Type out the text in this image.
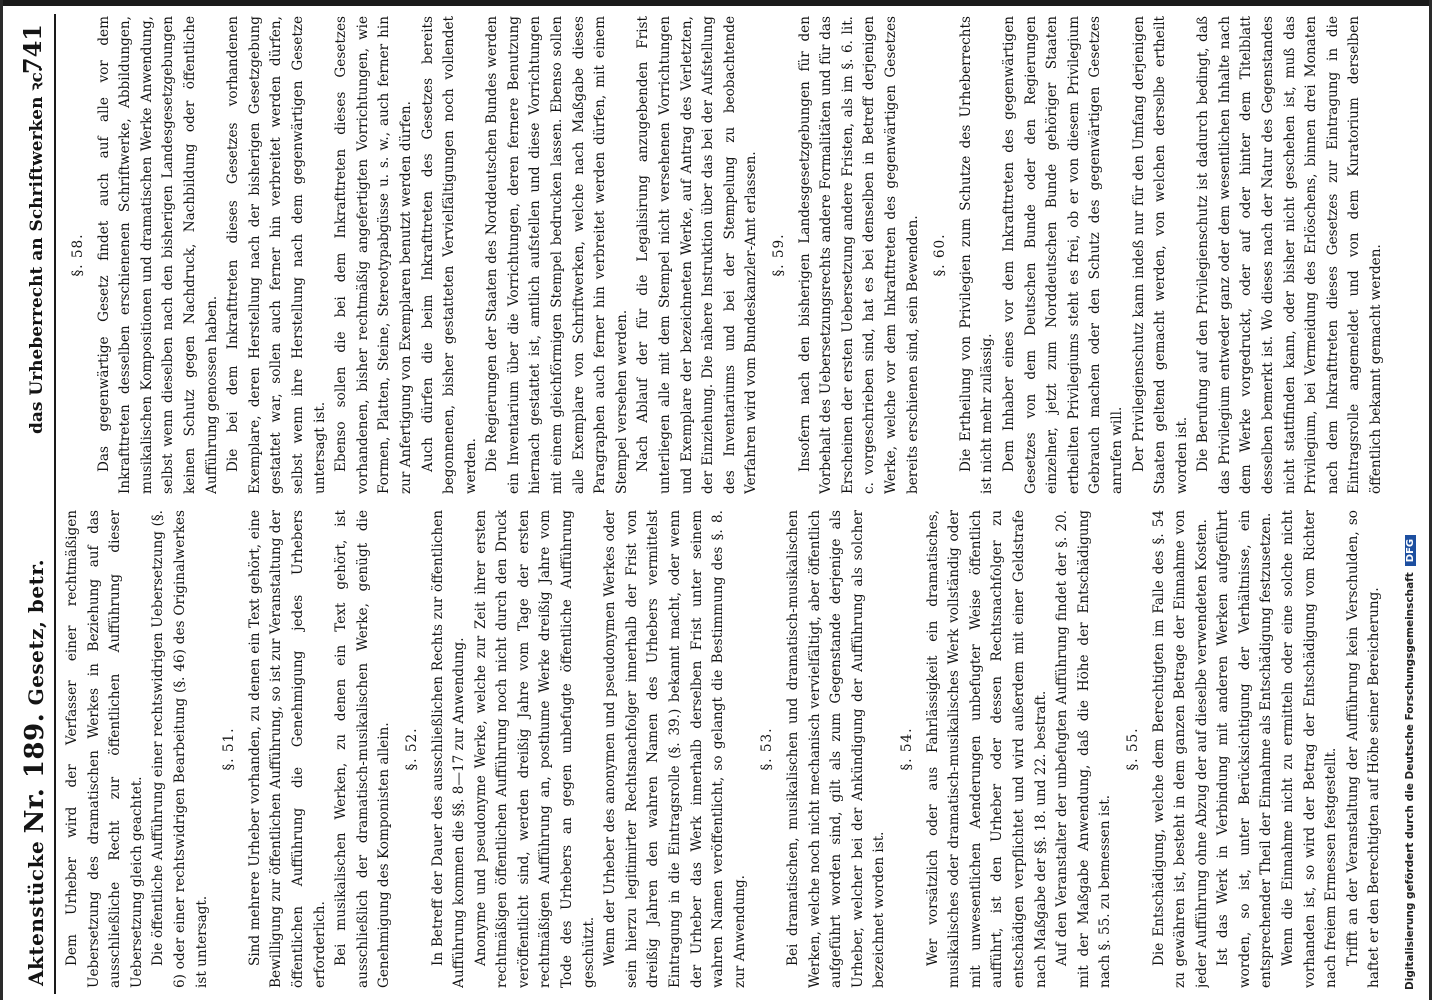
Aktenstücke Nr. 189. Gesetz, betr.
das Urheberrecht an Schriftwerken ꝛc.
741

Dem Urheber wird der Verfasser einer rechtmäßigen Uebersetzung des dramatischen Werkes in Beziehung auf das ausschließliche Recht zur öffentlichen Aufführung dieser Uebersetzung gleich geachtet. Die öffentliche Aufführung einer rechtswidrigen Uebersetzung (§. 6) oder einer rechtswidrigen Bearbeitung (§. 46) des Originalwerkes ist untersagt.

§. 51. Sind mehrere Urheber vorhanden, zu denen ein Text gehört, eine Bewilligung zur öffentlichen Aufführung, so ist zur Veranstaltung der öffentlichen Aufführung die Genehmigung jedes Urhebers erforderlich. Bei musikalischen Werken, zu denen ein Text gehört, ist ausschließlich der dramatisch-musikalischen Werke, genügt die Genehmigung des Komponisten allein. §. 52. In Betreff der Dauer des ausschließlichen Rechts zur öffentlichen Aufführung kommen die §§. 8—17 zur Anwendung. Anonyme und pseudonyme Werke, welche zur Zeit ihrer ersten rechtmäßigen öffentlichen Aufführung noch nicht durch den Druck veröffentlicht sind, werden dreißig Jahre vom Tage der ersten rechtmäßigen Aufführung an, posthume Werke dreißig Jahre vom Tode des Urhebers an gegen unbefugte öffentliche Aufführung geschützt. Wenn der Urheber des anonymen und pseudonymen Werkes oder sein hierzu legitimirter Rechtsnachfolger innerhalb der Frist von dreißig Jahren den wahren Namen des Urhebers vermittelst Eintragung in die Eintragsrolle (§. 39.) bekannt macht, oder wenn der Urheber das Werk innerhalb derselben Frist unter seinem wahren Namen veröffentlicht, so gelangt die Bestimmung des §. 8. zur Anwendung.

§. 53. Bei dramatischen, musikalischen und dramatisch-musikalischen Werken, welche noch nicht mechanisch vervielfältigt, aber öffentlich aufgeführt worden sind, gilt als zum Gegenstande derjenige als Urheber, welcher bei der Ankündigung der Aufführung als solcher bezeichnet worden ist.

§. 54. Wer vorsätzlich oder aus Fahrlässigkeit ein dramatisches, musikalisches oder dramatisch-musikalisches Werk vollständig oder mit unwesentlichen Aenderungen unbefugter Weise öffentlich aufführt, ist den Urheber oder dessen Rechtsnachfolger zu entschädigen verpflichtet und wird außerdem mit einer Geldstrafe nach Maßgabe der §§. 18. und 22. bestraft. Auf den Veranstalter der unbefugten Aufführung findet der §. 20. mit der Maßgabe Anwendung, daß die Höhe der Entschädigung nach §. 55. zu bemessen ist.

§. 55. Die Entschädigung, welche dem Berechtigten im Falle des §. 54 zu gewähren ist, besteht in dem ganzen Betrage der Einnahme von jeder Aufführung ohne Abzug der auf dieselbe verwendeten Kosten. Ist das Werk in Verbindung mit anderen Werken aufgeführt worden, so ist, unter Berücksichtigung der Verhältnisse, ein entsprechender Theil der Einnahme als Entschädigung festzusetzen. Wenn die Einnahme nicht zu ermitteln oder eine solche nicht vorhanden ist, so wird der Betrag der Entschädigung vom Richter nach freiem Ermessen festgestellt. Trifft an der Veranstaltung der Aufführung kein Verschulden, so haftet er den Berechtigten auf Höhe seiner Bereicherung.

§. 58. Das gegenwärtige Gesetz findet auch auf alle vor dem Inkrafttreten desselben erschienenen Schriftwerke, Abbildungen, musikalischen Kompositionen und dramatischen Werke Anwendung, selbst wenn dieselben nach den bisherigen Landesgesetzgebungen keinen Schutz gegen Nachdruck, Nachbildung oder öffentliche Aufführung genossen haben. Die bei dem Inkrafttreten dieses Gesetzes vorhandenen Exemplare, deren Herstellung nach der bisherigen Gesetzgebung gestattet war, sollen auch ferner hin verbreitet werden dürfen, selbst wenn ihre Herstellung nach dem gegenwärtigen Gesetze untersagt ist. Ebenso sollen die bei dem Inkrafttreten dieses Gesetzes vorhandenen, bisher rechtmäßig angefertigten Vorrichtungen, wie Formen, Platten, Steine, Stereotypabgüsse u. s. w., auch ferner hin zur Anfertigung von Exemplaren benutzt werden dürfen. Auch dürfen die beim Inkrafttreten des Gesetzes bereits begonnenen, bisher gestatteten Vervielfältigungen noch vollendet werden. Die Regierungen der Staaten des Norddeutschen Bundes werden ein Inventarium über die Vorrichtungen, deren fernere Benutzung hiernach gestattet ist, amtlich aufstellen und diese Vorrichtungen mit einem gleichförmigen Stempel bedrucken lassen. Ebenso sollen alle Exemplare von Schriftwerken, welche nach Maßgabe dieses Paragraphen auch ferner hin verbreitet werden dürfen, mit einem Stempel versehen werden. Nach Ablauf der für die Legalisirung anzugebenden Frist unterliegen alle mit dem Stempel nicht versehenen Vorrichtungen und Exemplare der bezeichneten Werke, auf Antrag des Verletzten, der Einziehung. Die nähere Instruktion über das bei der Aufstellung des Inventariums und bei der Stempelung zu beobachtende Verfahren wird vom Bundeskanzler-Amt erlassen. §. 59. Insofern nach den bisherigen Landesgesetzgebungen für den Vorbehalt des Uebersetzungsrechts andere Formalitäten und für das Erscheinen der ersten Uebersetzung andere Fristen, als im §. 6. lit. c. vorgeschrieben sind, hat es bei denselben in Betreff derjenigen Werke, welche vor dem Inkrafttreten des gegenwärtigen Gesetzes bereits erschienen sind, sein Bewenden. §. 60. Die Ertheilung von Privilegien zum Schutze des Urheberrechts ist nicht mehr zulässig. Dem Inhaber eines vor dem Inkrafttreten des gegenwärtigen Gesetzes von dem Deutschen Bunde oder den Regierungen einzelner, jetzt zum Norddeutschen Bunde gehöriger Staaten ertheilten Privilegiums steht es frei, ob er von diesem Privilegium Gebrauch machen oder den Schutz des gegenwärtigen Gesetzes anrufen will. Der Privilegienschutz kann indeß nur für den Umfang derjenigen Staaten geltend gemacht werden, von welchen derselbe ertheilt worden ist. Die Berufung auf den Privilegienschutz ist dadurch bedingt, daß das Privilegium entweder ganz oder dem wesentlichen Inhalte nach dem Werke vorgedruckt, oder auf oder hinter dem Titelblatt desselben bemerkt ist. Wo dieses nach der Natur des Gegenstandes nicht stattfinden kann, oder bisher nicht geschehen ist, muß das Privilegium, bei Vermeidung des Erlöschens, binnen drei Monaten nach dem Inkrafttreten dieses Gesetzes zur Eintragung in die Eintragsrolle angemeldet und von dem Kuratorium derselben öffentlich bekannt gemacht werden.

Digitalisierung gefördert durch die Deutsche ForschungsgemeinschaftDFG
